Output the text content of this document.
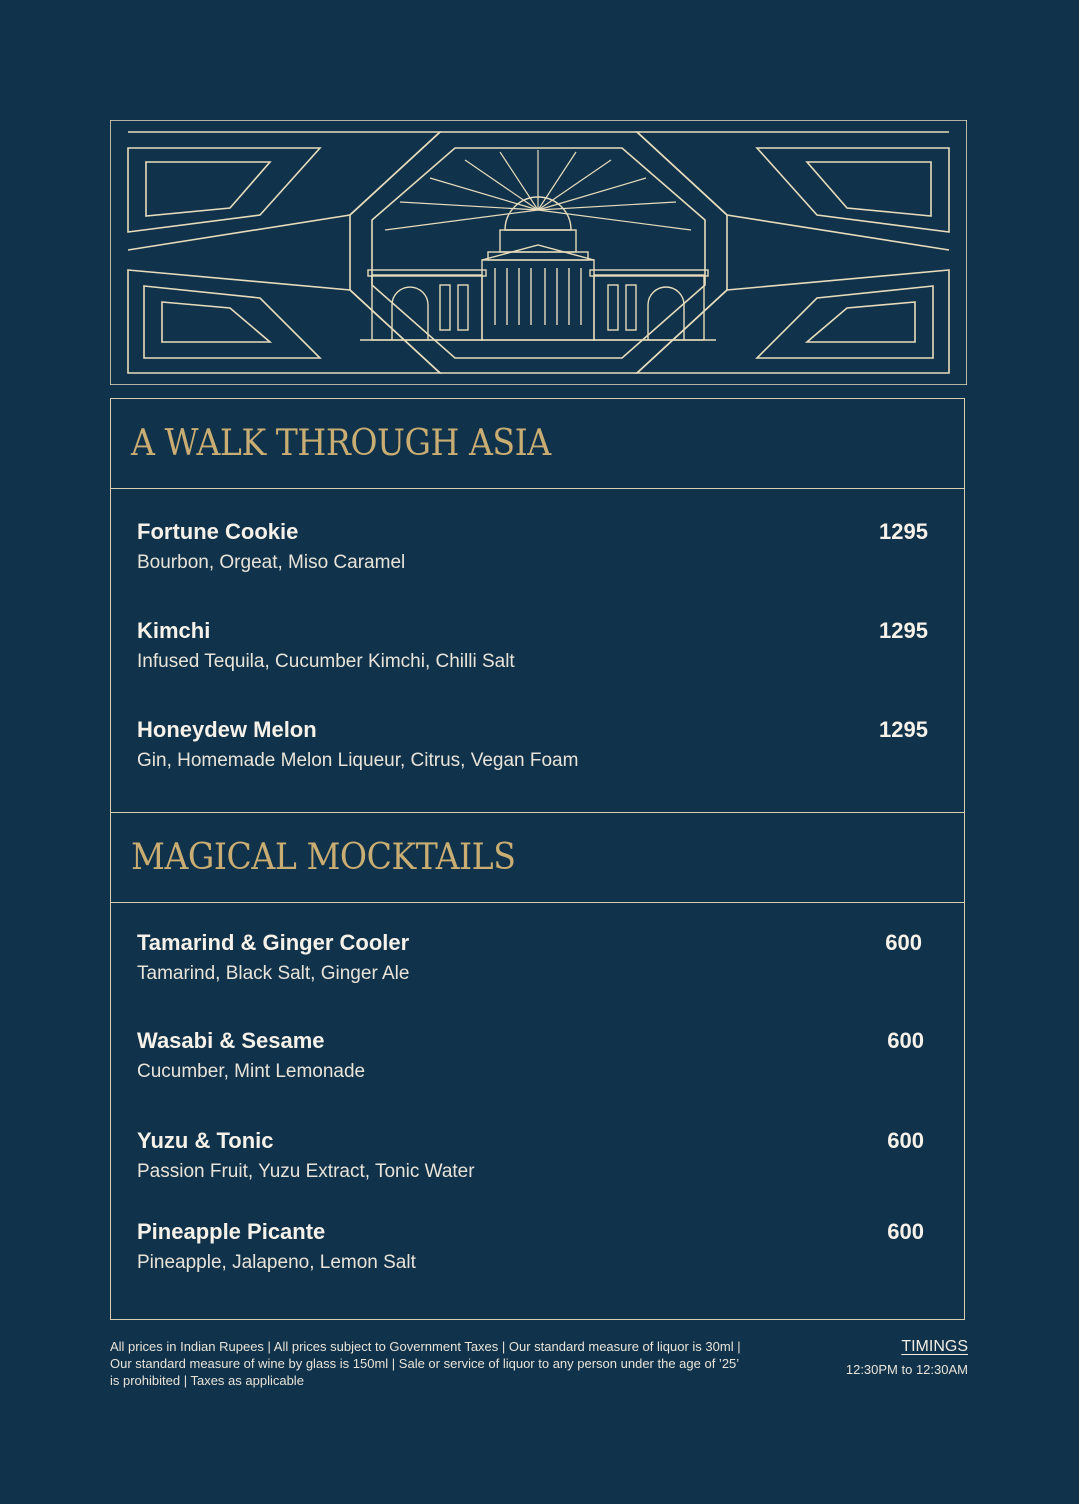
A WALK THROUGH ASIA
Fortune Cookie
Bourbon, Orgeat, Miso Caramel
1295
Kimchi
Infused Tequila, Cucumber Kimchi, Chilli Salt
1295
Honeydew Melon
Gin, Homemade Melon Liqueur, Citrus, Vegan Foam
1295
MAGICAL MOCKTAILS
Tamarind & Ginger Cooler
Tamarind, Black Salt, Ginger Ale
600
Wasabi & Sesame
Cucumber, Mint Lemonade
600
Yuzu & Tonic
Passion Fruit, Yuzu Extract, Tonic Water
600
Pineapple Picante
Pineapple, Jalapeno, Lemon Salt
600
All prices in Indian Rupees | All prices subject to Government Taxes | Our standard measure of liquor is 30ml | Our standard measure of wine by glass is 150ml | Sale or service of liquor to any person under the age of ’25’ is prohibited | Taxes as applicable
TIMINGS
12:30PM to 12:30AM
